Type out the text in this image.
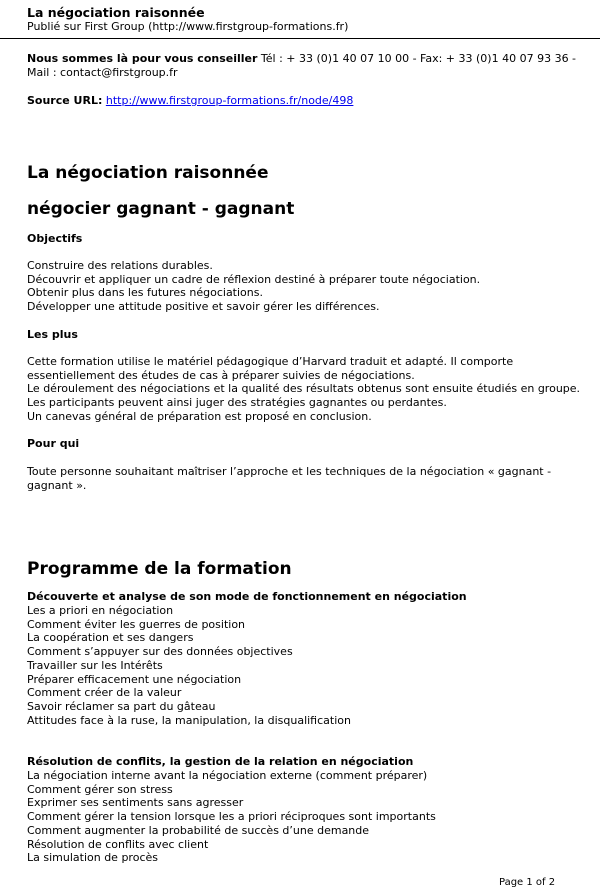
La négociation raisonnée
Publié sur First Group (http://www.firstgroup-formations.fr)
Nous sommes là pour vous conseiller Tél : + 33 (0)1 40 07 10 00 - Fax: + 33 (0)1 40 07 93 36 - Mail : contact@firstgroup.fr
Source URL: http://www.firstgroup-formations.fr/node/498
La négociation raisonnée
négocier gagnant - gagnant
Objectifs
Construire des relations durables.
Découvrir et appliquer un cadre de réflexion destiné à préparer toute négociation.
Obtenir plus dans les futures négociations.
Développer une attitude positive et savoir gérer les différences.
Les plus
Cette formation utilise le matériel pédagogique d’Harvard traduit et adapté. Il comporte
essentiellement des études de cas à préparer suivies de négociations.
Le déroulement des négociations et la qualité des résultats obtenus sont ensuite étudiés en groupe.
Les participants peuvent ainsi juger des stratégies gagnantes ou perdantes.
Un canevas général de préparation est proposé en conclusion.
Pour qui
Toute personne souhaitant maîtriser l’approche et les techniques de la négociation « gagnant -
gagnant ».
Programme de la formation
Découverte et analyse de son mode de fonctionnement en négociation
Les a priori en négociation
Comment éviter les guerres de position
La coopération et ses dangers
Comment s’appuyer sur des données objectives
Travailler sur les Intérêts
Préparer efficacement une négociation
Comment créer de la valeur
Savoir réclamer sa part du gâteau
Attitudes face à la ruse, la manipulation, la disqualification
Résolution de conflits, la gestion de la relation en négociation
La négociation interne avant la négociation externe (comment préparer)
Comment gérer son stress
Exprimer ses sentiments sans agresser
Comment gérer la tension lorsque les a priori réciproques sont importants
Comment augmenter la probabilité de succès d’une demande
Résolution de conflits avec client
La simulation de procès
Page 1 of 2
